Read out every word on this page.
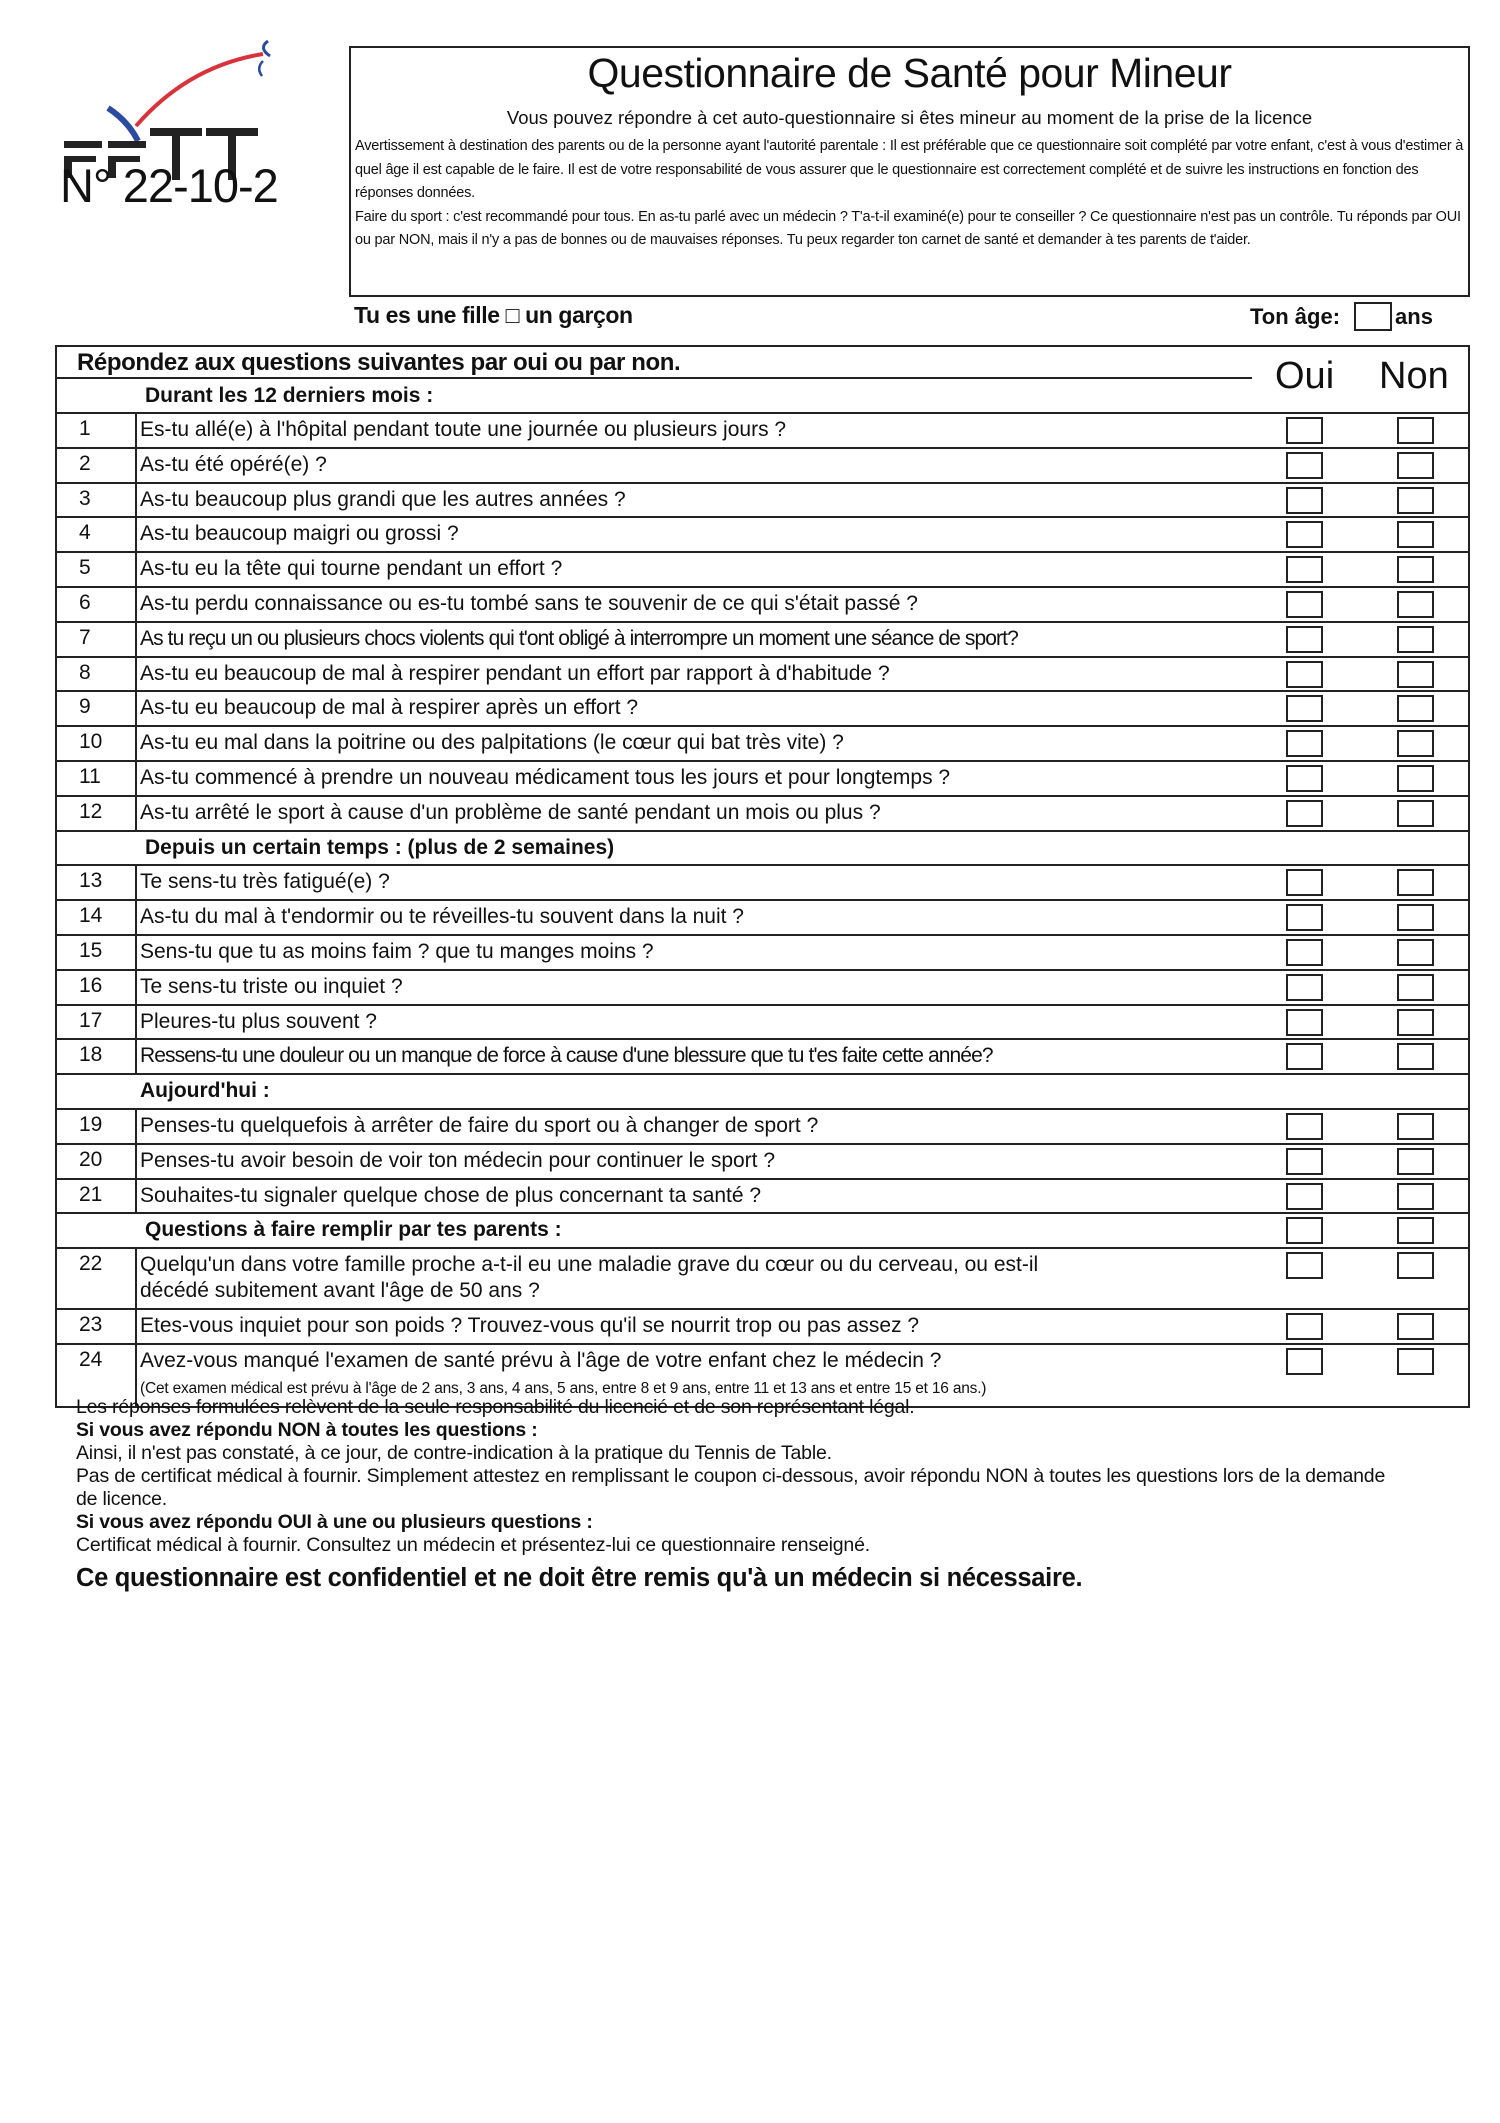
N° 22-10-2
Questionnaire de Santé pour Mineur
Vous pouvez répondre à cet auto-questionnaire si êtes mineur au moment de la prise de la licence
Avertissement à destination des parents ou de la personne ayant l'autorité parentale : Il est préférable que ce questionnaire soit complété par votre enfant, c'est à vous d'estimer à quel âge il est capable de le faire. Il est de votre responsabilité de vous assurer que le questionnaire est correctement complété et de suivre les instructions en fonction des réponses données.
Faire du sport : c'est recommandé pour tous. En as-tu parlé avec un médecin ? T'a-t-il examiné(e) pour te conseiller ? Ce questionnaire n'est pas un contrôle. Tu réponds par OUI ou par NON, mais il n'y a pas de bonnes ou de mauvaises réponses. Tu peux regarder ton carnet de santé et demander à tes parents de t'aider.
Tu es une fille □ un garçon	Ton âge:	ans
Répondez aux questions suivantes par oui ou par non.
Durant les 12 derniers mois :	Oui Non
1	Es-tu allé(e) à l'hôpital pendant toute une journée ou plusieurs jours ?
2	As-tu été opéré(e) ?
3	As-tu beaucoup plus grandi que les autres années ?
4	As-tu beaucoup maigri ou grossi ?
5	As-tu eu la tête qui tourne pendant un effort ?
6	As-tu perdu connaissance ou es-tu tombé sans te souvenir de ce qui s'était passé ?
7	As tu reçu un ou plusieurs chocs violents qui t'ont obligé à interrompre un moment une séance de sport?
8	As-tu eu beaucoup de mal à respirer pendant un effort par rapport à d'habitude ?
9	As-tu eu beaucoup de mal à respirer après un effort ?
10	As-tu eu mal dans la poitrine ou des palpitations (le cœur qui bat très vite) ?
11	As-tu commencé à prendre un nouveau médicament tous les jours et pour longtemps ?
12	As-tu arrêté le sport à cause d'un problème de santé pendant un mois ou plus ?
Depuis un certain temps : (plus de 2 semaines)
13	Te sens-tu très fatigué(e) ?
14	As-tu du mal à t'endormir ou te réveilles-tu souvent dans la nuit ?
15	Sens-tu que tu as moins faim ? que tu manges moins ?
16	Te sens-tu triste ou inquiet ?
17	Pleures-tu plus souvent ?
18	Ressens-tu une douleur ou un manque de force à cause d'une blessure que tu t'es faite cette année?
Aujourd'hui :
19	Penses-tu quelquefois à arrêter de faire du sport ou à changer de sport ?
20	Penses-tu avoir besoin de voir ton médecin pour continuer le sport ?
21	Souhaites-tu signaler quelque chose de plus concernant ta santé ?
Questions à faire remplir par tes parents :
22	Quelqu'un dans votre famille proche a-t-il eu une maladie grave du cœur ou du cerveau, ou est-il
décédé subitement avant l'âge de 50 ans ?
23	Etes-vous inquiet pour son poids ? Trouvez-vous qu'il se nourrit trop ou pas assez ?
24	Avez-vous manqué l'examen de santé prévu à l'âge de votre enfant chez le médecin ?
(Cet examen médical est prévu à l'âge de 2 ans, 3 ans, 4 ans, 5 ans, entre 8 et 9 ans, entre 11 et 13 ans et entre 15 et 16 ans.)
Les réponses formulées relèvent de la seule responsabilité du licencié et de son représentant légal.
Si vous avez répondu NON à toutes les questions :
Ainsi, il n'est pas constaté, à ce jour, de contre-indication à la pratique du Tennis de Table.
Pas de certificat médical à fournir. Simplement attestez en remplissant le coupon ci-dessous, avoir répondu NON à toutes les questions lors de la demande de licence.
Si vous avez répondu OUI à une ou plusieurs questions :
Certificat médical à fournir. Consultez un médecin et présentez-lui ce questionnaire renseigné.
Ce questionnaire est confidentiel et ne doit être remis qu'à un médecin si nécessaire.
